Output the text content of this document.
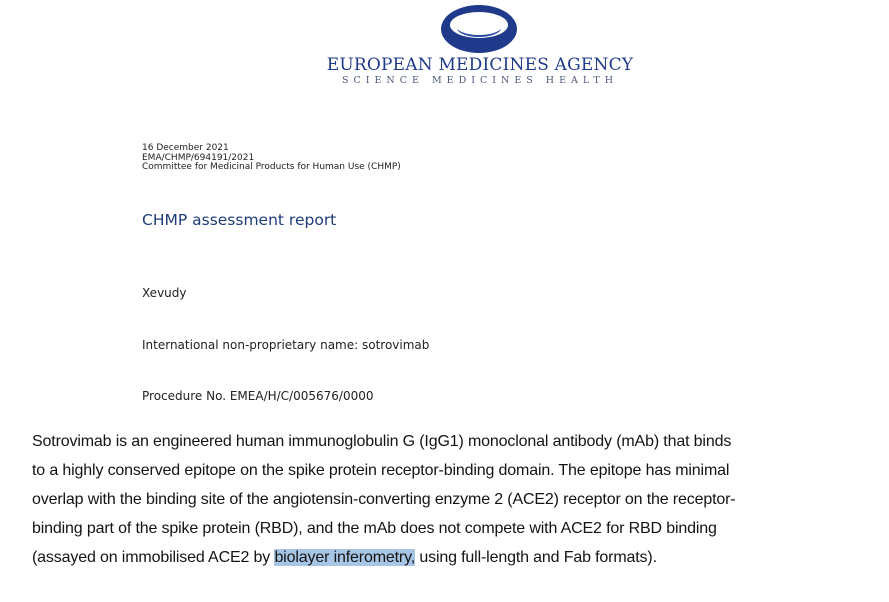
EUROPEAN MEDICINES AGENCY
SCIENCE MEDICINES HEALTH
16 December 2021
EMA/CHMP/694191/2021
Committee for Medicinal Products for Human Use (CHMP)
CHMP assessment report
Xevudy
International non-proprietary name: sotrovimab
Procedure No. EMEA/H/C/005676/0000
Sotrovimab is an engineered human immunoglobulin G (IgG1) monoclonal antibody (mAb) that binds
to a highly conserved epitope on the spike protein receptor-binding domain. The epitope has minimal
overlap with the binding site of the angiotensin-converting enzyme 2 (ACE2) receptor on the receptor-
binding part of the spike protein (RBD), and the mAb does not compete with ACE2 for RBD binding
(assayed on immobilised ACE2 by biolayer inferometry, using full-length and Fab formats).
